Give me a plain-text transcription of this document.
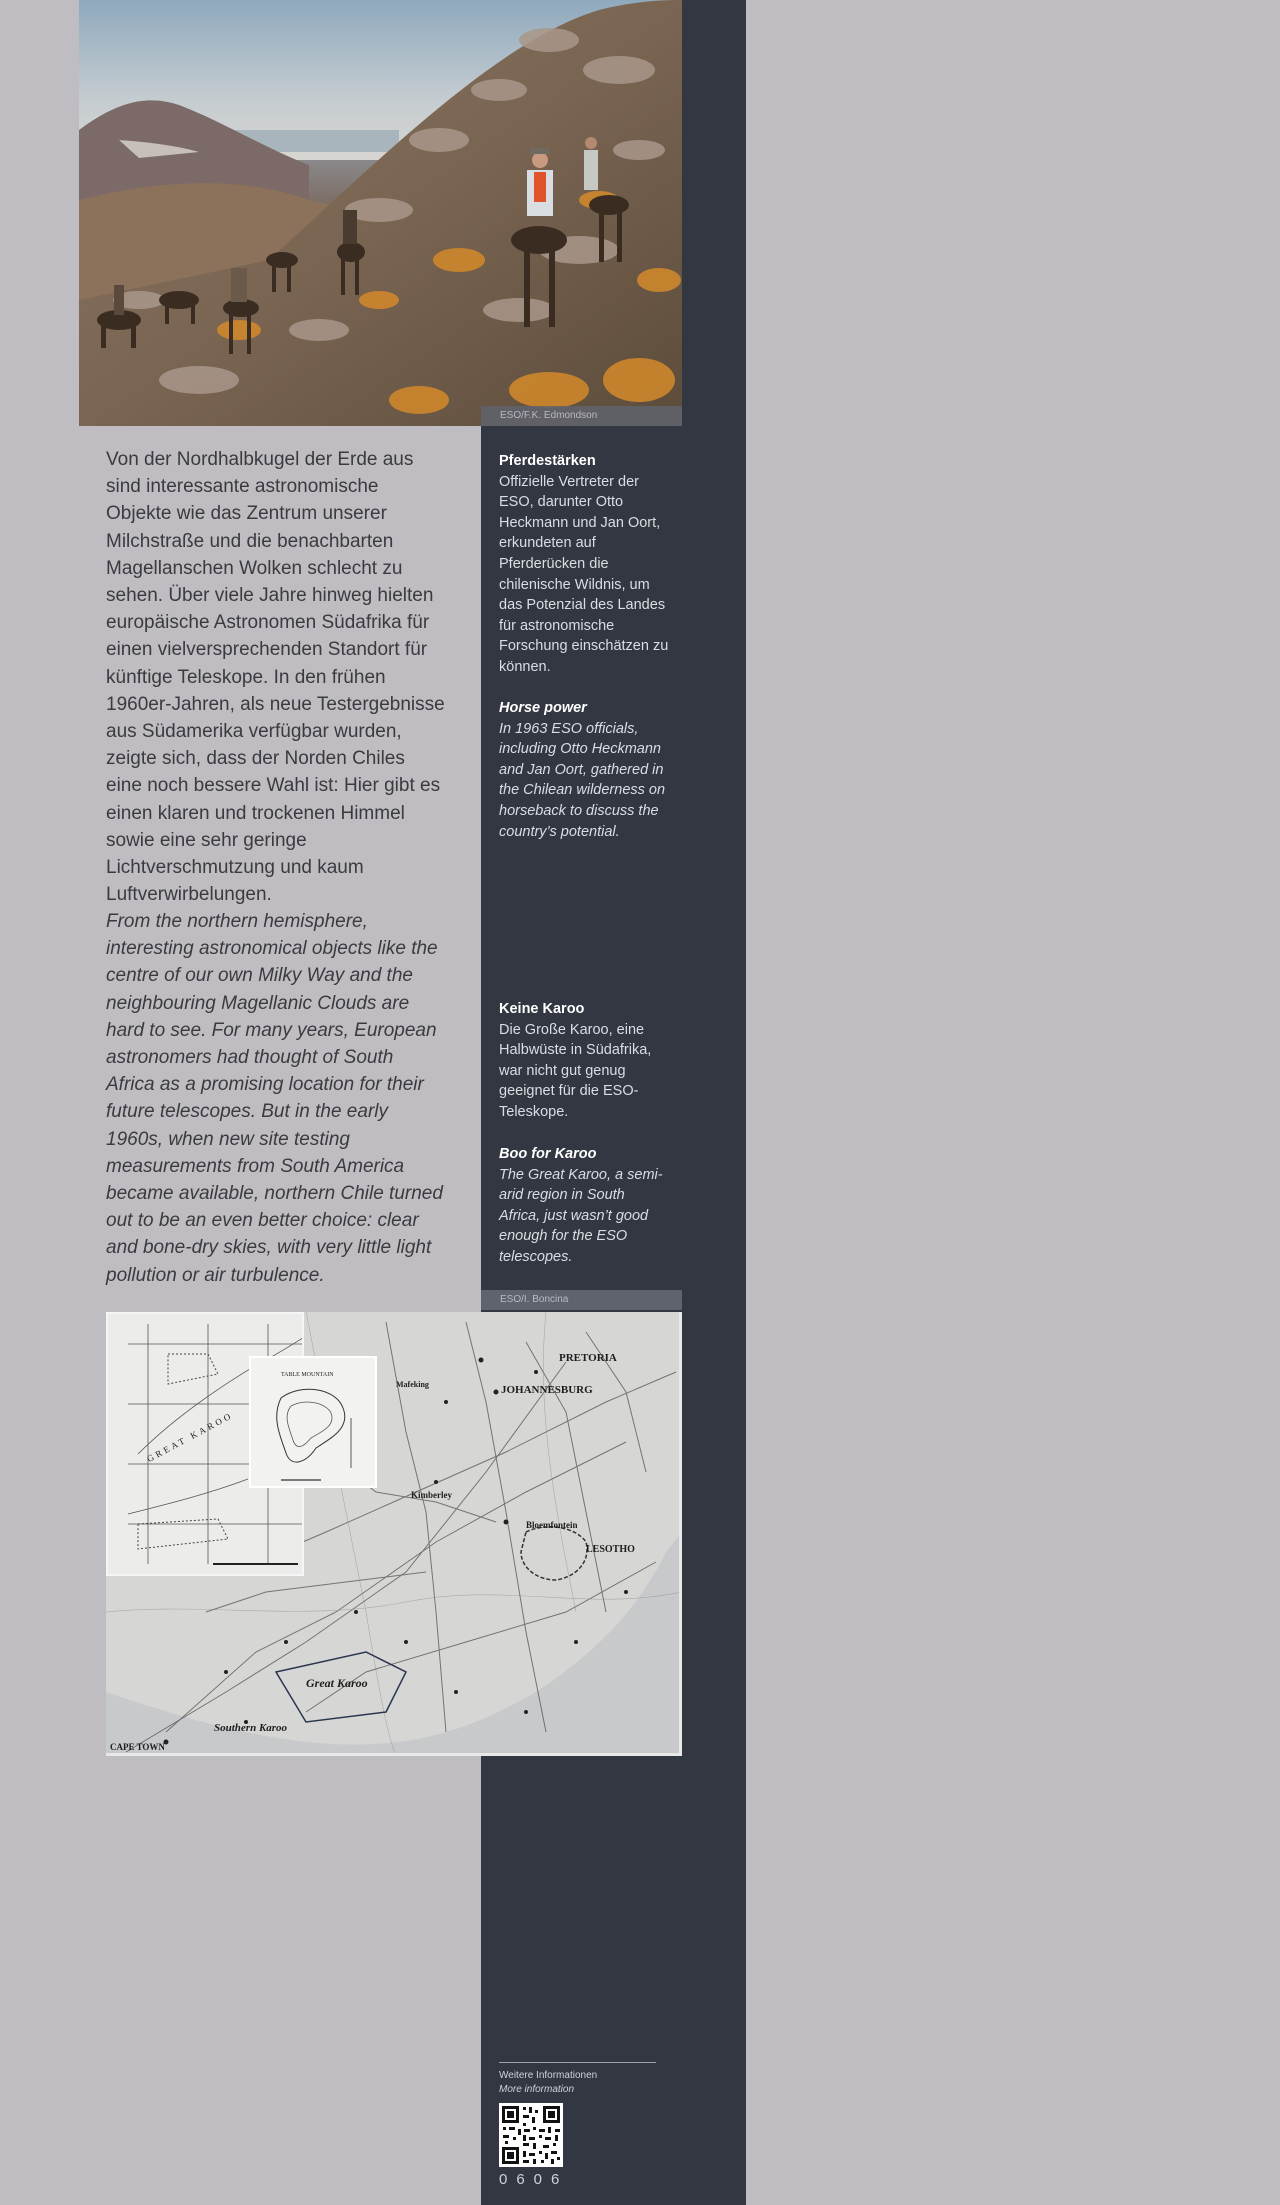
ESO/F.K. Edmondson
Von der Nordhalbkugel der Erde aus sind interessante astronomische Objekte wie das Zentrum unserer Milchstraße und die benachbarten Magellanschen Wolken schlecht zu sehen. Über viele Jahre hinweg hielten europäische Astronomen Südafrika für einen vielversprechenden Standort für künftige Teleskope. In den frühen 1960er-Jahren, als neue Testergebnisse aus Südamerika verfügbar wurden, zeigte sich, dass der Norden Chiles eine noch bessere Wahl ist: Hier gibt es einen klaren und trockenen Himmel sowie eine sehr geringe Lichtverschmutzung und kaum Luftverwirbelungen.
From the northern hemisphere, interesting astronomical objects like the centre of our own Milky Way and the neighbouring Magellanic Clouds are hard to see. For many years, European astronomers had thought of South Africa as a promising location for their future telescopes. But in the early 1960s, when new site testing measurements from South America became available, northern Chile turned out to be an even better choice: clear and bone-dry skies, with very little light pollution or air turbulence.
Pferdestärken
Offizielle Vertreter der ESO, darunter Otto Heckmann und Jan Oort, erkundeten auf Pferderücken die chilenische Wildnis, um das Potenzial des Landes für astronomische Forschung einschätzen zu können.
Horse power
In 1963 ESO officials, including Otto Heckmann and Jan Oort, gathered in the Chilean wilderness on horseback to discuss the country’s potential.
Keine Karoo
Die Große Karoo, eine Halbwüste in Südafrika, war nicht gut genug geeignet für die ESO-Teleskope.
Boo for Karoo
The Great Karoo, a semi-arid region in South Africa, just wasn’t good enough for the ESO telescopes.
ESO/I. Boncina
PRETORIA
JOHANNESBURG
Mafeking
Bloemfontein
Kimberley
LESOTHO
CAPE TOWN
Great Karoo
Southern Karoo
GREAT KAROO
TABLE MOUNTAIN
Weitere Informationen
More information
0606
